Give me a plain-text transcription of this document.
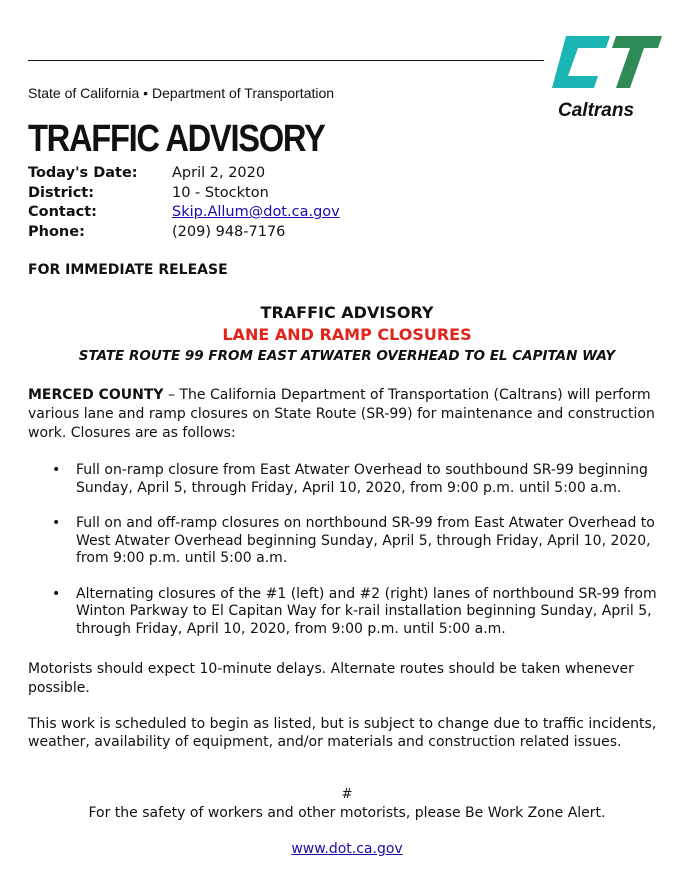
Caltrans
State of California • Department of Transportation
TRAFFIC ADVISORY
Today's Date:	April 2, 2020
District:	10 - Stockton
Contact:	Skip.Allum@dot.ca.gov
Phone:	(209) 948-7176
FOR IMMEDIATE RELEASE
TRAFFIC ADVISORY
LANE AND RAMP CLOSURES
STATE ROUTE 99 FROM EAST ATWATER OVERHEAD TO EL CAPITAN WAY
MERCED COUNTY – The California Department of Transportation (Caltrans) will perform various lane and ramp closures on State Route (SR-99) for maintenance and construction work. Closures are as follows:
•	Full on-ramp closure from East Atwater Overhead to southbound SR-99 beginning Sunday, April 5, through Friday, April 10, 2020, from 9:00 p.m. until 5:00 a.m.
•	Full on and off-ramp closures on northbound SR-99 from East Atwater Overhead to West Atwater Overhead beginning Sunday, April 5, through Friday, April 10, 2020, from 9:00 p.m. until 5:00 a.m.
•	Alternating closures of the #1 (left) and #2 (right) lanes of northbound SR-99 from Winton Parkway to El Capitan Way for k-rail installation beginning Sunday, April 5, through Friday, April 10, 2020, from 9:00 p.m. until 5:00 a.m.
Motorists should expect 10-minute delays. Alternate routes should be taken whenever possible.
This work is scheduled to begin as listed, but is subject to change due to traffic incidents, weather, availability of equipment, and/or materials and construction related issues.
#
For the safety of workers and other motorists, please Be Work Zone Alert.
www.dot.ca.gov
